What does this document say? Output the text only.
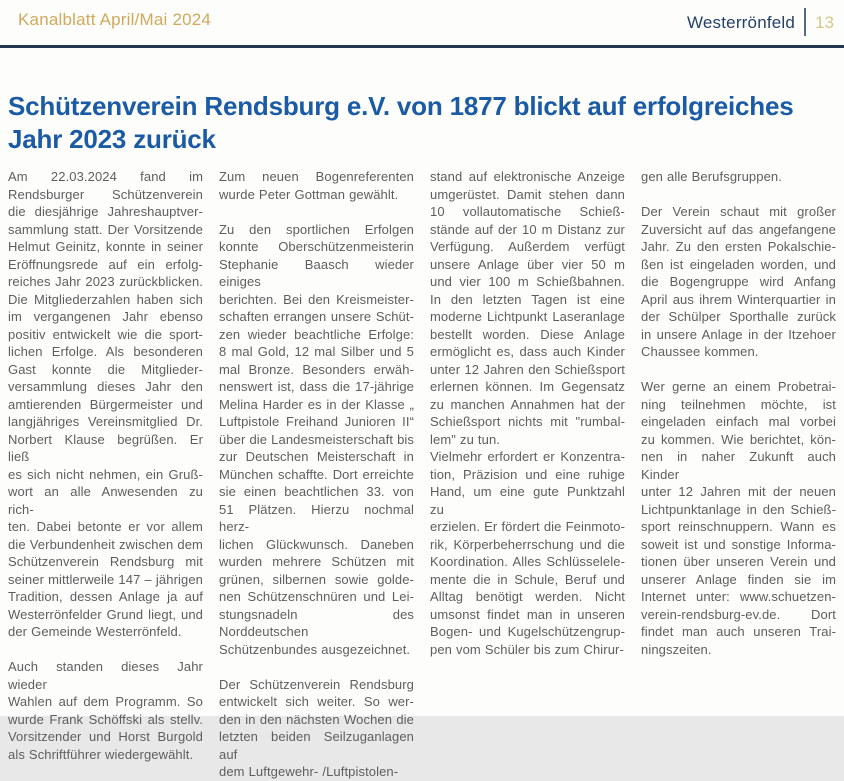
Kanalblatt April/Mai 2024	Westerrönfeld 13
Schützenverein Rendsburg e.V. von 1877 blickt auf erfolgreiches Jahr 2023 zurück
Am 22.03.2024 fand im
Rendsburger Schützenverein
die diesjährige Jahreshauptver-
sammlung statt. Der Vorsitzende
Helmut Geinitz, konnte in seiner
Eröffnungsrede auf ein erfolg-
reiches Jahr 2023 zurückblicken.
Die Mitgliederzahlen haben sich
im vergangenen Jahr ebenso
positiv entwickelt wie die sport-
lichen Erfolge. Als besonderen
Gast konnte die Mitglieder-
versammlung dieses Jahr den
amtierenden Bürgermeister und
langjähriges Vereinsmitglied Dr.
Norbert Klause begrüßen. Er ließ
es sich nicht nehmen, ein Gruß-
wort an alle Anwesenden zu rich-
ten. Dabei betonte er vor allem
die Verbundenheit zwischen dem
Schützenverein Rendsburg mit
seiner mittlerweile 147 – jährigen
Tradition, dessen Anlage ja auf
Westerrönfelder Grund liegt, und
der Gemeinde Westerrönfeld.
Auch standen dieses Jahr wieder
Wahlen auf dem Programm. So
wurde Frank Schöffski als stellv.
Vorsitzender und Horst Burgold
als Schriftführer wiedergewählt.
Zum neuen Bogenreferenten
wurde Peter Gottman gewählt.
Zu den sportlichen Erfolgen
konnte Oberschützenmeisterin
Stephanie Baasch wieder einiges
berichten. Bei den Kreismeister-
schaften errangen unsere Schüt-
zen wieder beachtliche Erfolge:
8 mal Gold, 12 mal Silber und 5
mal Bronze. Besonders erwäh-
nenswert ist, dass die 17-jährige
Melina Harder es in der Klasse „
Luftpistole Freihand Junioren II“
über die Landesmeisterschaft bis
zur Deutschen Meisterschaft in
München schaffte. Dort erreichte
sie einen beachtlichen 33. von
51 Plätzen. Hierzu nochmal herz-
lichen Glückwunsch. Daneben
wurden mehrere Schützen mit
grünen, silbernen sowie golde-
nen Schützenschnüren und Lei-
stungsnadeln des Norddeutschen
Schützenbundes ausgezeichnet.
Der Schützenverein Rendsburg
entwickelt sich weiter. So wer-
den in den nächsten Wochen die
letzten beiden Seilzuganlagen auf
dem Luftgewehr- /Luftpistolen-
stand auf elektronische Anzeige
umgerüstet. Damit stehen dann
10 vollautomatische Schieß-
stände auf der 10 m Distanz zur
Verfügung. Außerdem verfügt
unsere Anlage über vier 50 m
und vier 100 m Schießbahnen.
In den letzten Tagen ist eine
moderne Lichtpunkt Laseranlage
bestellt worden. Diese Anlage
ermöglicht es, dass auch Kinder
unter 12 Jahren den Schießsport
erlernen können. Im Gegensatz
zu manchen Annahmen hat der
Schießsport nichts mit "rumbal-
lem" zu tun.
Vielmehr erfordert er Konzentra-
tion, Präzision und eine ruhige
Hand, um eine gute Punktzahl zu
erzielen. Er fördert die Feinmoto-
rik, Körperbeherrschung und die
Koordination. Alles Schlüsselele-
mente die in Schule, Beruf und
Alltag benötigt werden. Nicht
umsonst findet man in unseren
Bogen- und Kugelschützengrup-
pen vom Schüler bis zum Chirur-
gen alle Berufsgruppen.
Der Verein schaut mit großer
Zuversicht auf das angefangene
Jahr. Zu den ersten Pokalschie-
ßen ist eingeladen worden, und
die Bogengruppe wird Anfang
April aus ihrem Winterquartier in
der Schülper Sporthalle zurück
in unsere Anlage in der Itzehoer
Chaussee kommen.
Wer gerne an einem Probetrai-
ning teilnehmen möchte, ist
eingeladen einfach mal vorbei
zu kommen. Wie berichtet, kön-
nen in naher Zukunft auch Kinder
unter 12 Jahren mit der neuen
Lichtpunktanlage in den Schieß-
sport reinschnuppern. Wann es
soweit ist und sonstige Informa-
tionen über unseren Verein und
unserer Anlage finden sie im
Internet unter: www.schuetzen-
verein-rendsburg-ev.de. Dort
findet man auch unseren Trai-
ningszeiten.
